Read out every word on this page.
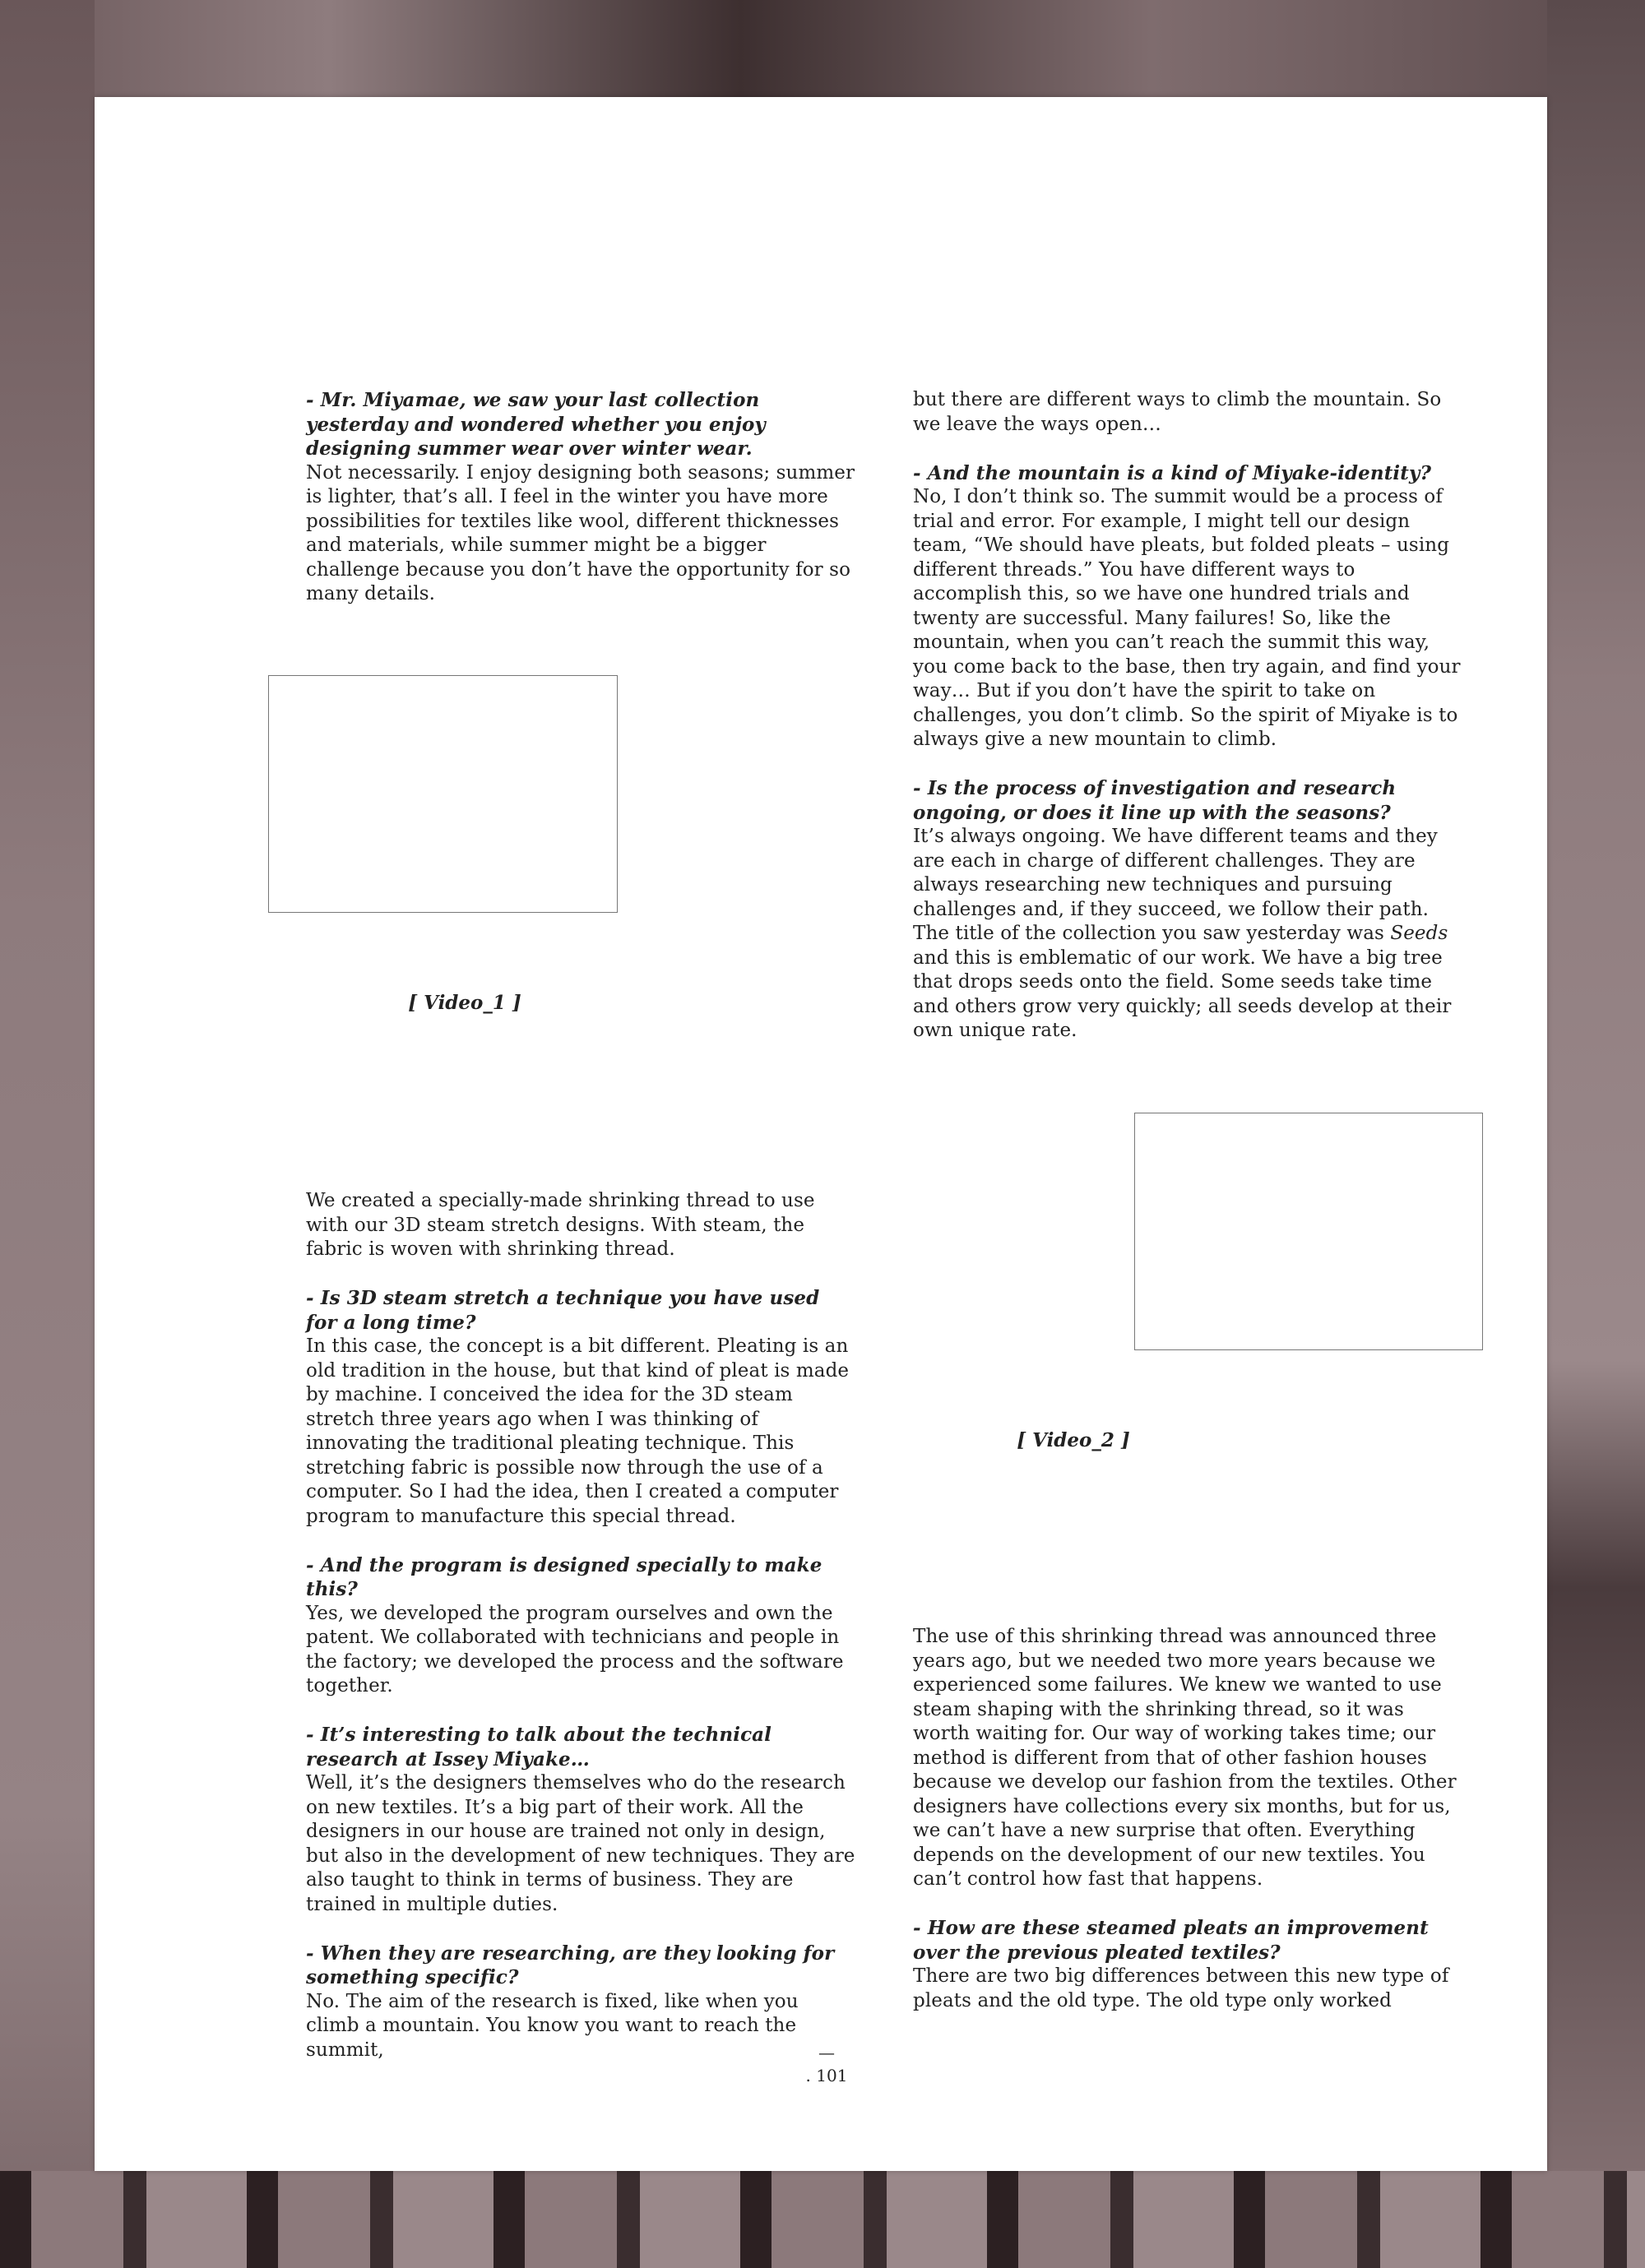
- Mr. Miyamae, we saw your last collection yesterday and wondered whether you enjoy designing summer wear over winter wear.
Not necessarily. I enjoy designing both seasons; summer is lighter, that’s all. I feel in the winter you have more possibilities for textiles like wool, different thicknesses and materials, while summer might be a bigger challenge because you don’t have the opportunity for so many details.

[ Video_1 ]

We created a specially-made shrinking thread to use with our 3D steam stretch designs. With steam, the fabric is woven with shrinking thread.

- Is 3D steam stretch a technique you have used for a long time?
In this case, the concept is a bit different. Pleating is an old tradition in the house, but that kind of pleat is made by machine. I conceived the idea for the 3D steam stretch three years ago when I was thinking of innovating the traditional pleating technique. This stretching fabric is possible now through the use of a computer. So I had the idea, then I created a computer program to manufacture this special thread.

- And the program is designed specially to make this?
Yes, we developed the program ourselves and own the patent. We collaborated with technicians and people in the factory; we developed the process and the software together.

- It’s interesting to talk about the technical research at Issey Miyake…
Well, it’s the designers themselves who do the research on new textiles. It’s a big part of their work. All the designers in our house are trained not only in design, but also in the development of new techniques. They are also taught to think in terms of business. They are trained in multiple duties.

- When they are researching, are they looking for something specific?
No. The aim of the research is fixed, like when you climb a mountain. You know you want to reach the summit,

but there are different ways to climb the mountain. So we leave the ways open…

- And the mountain is a kind of Miyake-identity?
No, I don’t think so. The summit would be a process of trial and error. For example, I might tell our design team, “We should have pleats, but folded pleats – using different threads.” You have different ways to accomplish this, so we have one hundred trials and twenty are successful. Many failures! So, like the mountain, when you can’t reach the summit this way, you come back to the base, then try again, and find your way… But if you don’t have the spirit to take on challenges, you don’t climb. So the spirit of Miyake is to always give a new mountain to climb.

- Is the process of investigation and research ongoing, or does it line up with the seasons?
It’s always ongoing. We have different teams and they are each in charge of different challenges. They are always researching new techniques and pursuing challenges and, if they succeed, we follow their path. The title of the collection you saw yesterday was Seeds and this is emblematic of our work. We have a big tree that drops seeds onto the field. Some seeds take time and others grow very quickly; all seeds develop at their own unique rate.

[ Video_2 ]

The use of this shrinking thread was announced three years ago, but we needed two more years because we experienced some failures. We knew we wanted to use steam shaping with the shrinking thread, so it was worth waiting for. Our way of working takes time; our method is different from that of other fashion houses because we develop our fashion from the textiles. Other designers have collections every six months, but for us, we can’t have a new surprise that often. Everything depends on the development of our new textiles. You can’t control how fast that happens.

- How are these steamed pleats an improvement over the previous pleated textiles?
There are two big differences between this new type of pleats and the old type. The old type only worked

—
. 101
